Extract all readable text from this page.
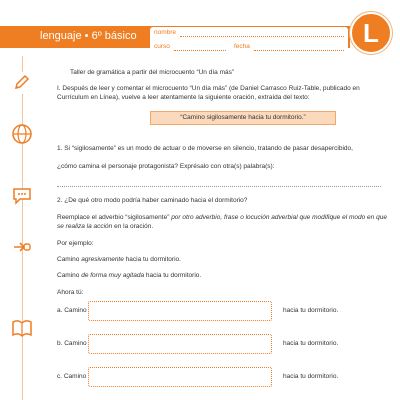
lenguaje • 6º básico	nombre
curso	fecha	L
Taller de gramática a partir del microcuento “Un día más”
I. Después de leer y comentar el microcuento “Un día más” (de Daniel Carrasco Ruiz-Table, publicado en Currículum en Línea), vuelve a leer atentamente la siguiente oración, extraída del texto:
“Camino sigilosamente hacia tu dormitorio.”
1. Si “sigilosamente” es un modo de actuar o de moverse en silencio, tratando de pasar desapercibido,
¿cómo camina el personaje protagonista? Exprésalo con otra(s) palabra(s):
2. ¿De qué otro modo podría haber caminado hacia el dormitorio?
Reemplace el adverbio “sigilosamente” por otro adverbio, frase o locución adverbial que modifique el modo en que se realiza la acción en la oración.
Por ejemplo:
Camino agresivamente hacia tu dormitorio.
Camino de forma muy agitada hacia tu dormitorio.
Ahora tú:
a. Camino	hacia tu dormitorio.
b. Camino	hacia tu dormitorio.
c. Camino	hacia tu dormitorio.
